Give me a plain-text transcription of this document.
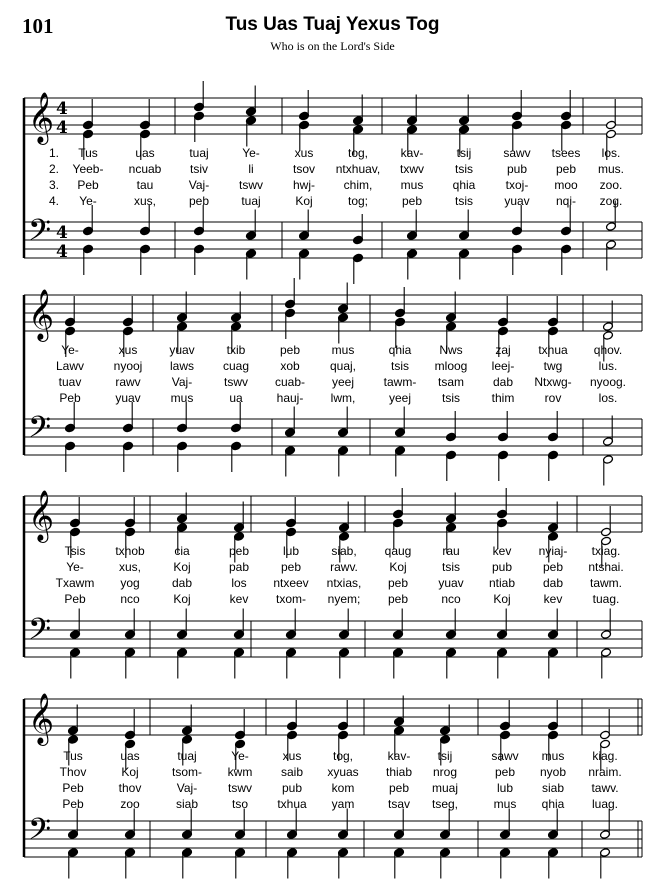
101	Tus Uas Tuaj Yexus Tog
Who is on the Lord's Side
𝄞
𝄢
4
4
4
4
𝄞
𝄢
𝄞
𝄢
𝄞
𝄢
1.
2.
3.
4.
Tus	uas	tuaj	Ye-	xus	tog,	kav-	tsij	sawv tsees los.
Yeeb- ncuab tsiv	li	tsov ntxhuav, txwv	tsis	pub peb mus.
Peb	tau	Vaj- tswv hwj- chim, mus qhia	txoj- moo zoo.
Ye-	xus,	peb	tuaj	Koj	tog;	peb	tsis	yuav nqi- zog.
Ye-	xus	yuav	txib	peb	mus	qhia Nws	zaj txhua qhov.
Lawv nyooj laws cuag	xob	quaj,	tsis mloog leej- twg	lus.
tuav	rawv	Vaj-	tswv cuab- yeej tawm- tsam dab Ntxwg- nyoog.
Peb	yuav mus	ua	hauj- lwm,	yeej	tsis	thim	rov	los.
Tsis txhob cia	peb	lub	siab, qaug	rau	kev nyiaj- txiag.
Ye-	xus,	Koj	pab	peb rawv.	Koj	tsis	pub	peb ntshai.
Txawm yog	dab	los ntxeev ntxias, peb	yuav ntiab dab tawm.
Peb	nco	Koj	kev txom- nyem; peb	nco	Koj	kev	tuag.
Tus	uas	tuaj	Ye-	xus	tog,	kav- tsij	sawv mus kiag.
Thov	Koj	tsom- kwm saib xyuas thiab nrog	peb nyob nraim.
Peb	thov	Vaj-	tswv pub kom	peb muaj	lub siab tawv.
Peb	zoo	siab	tso txhua yam	tsav tseg,	mus qhia luag.
